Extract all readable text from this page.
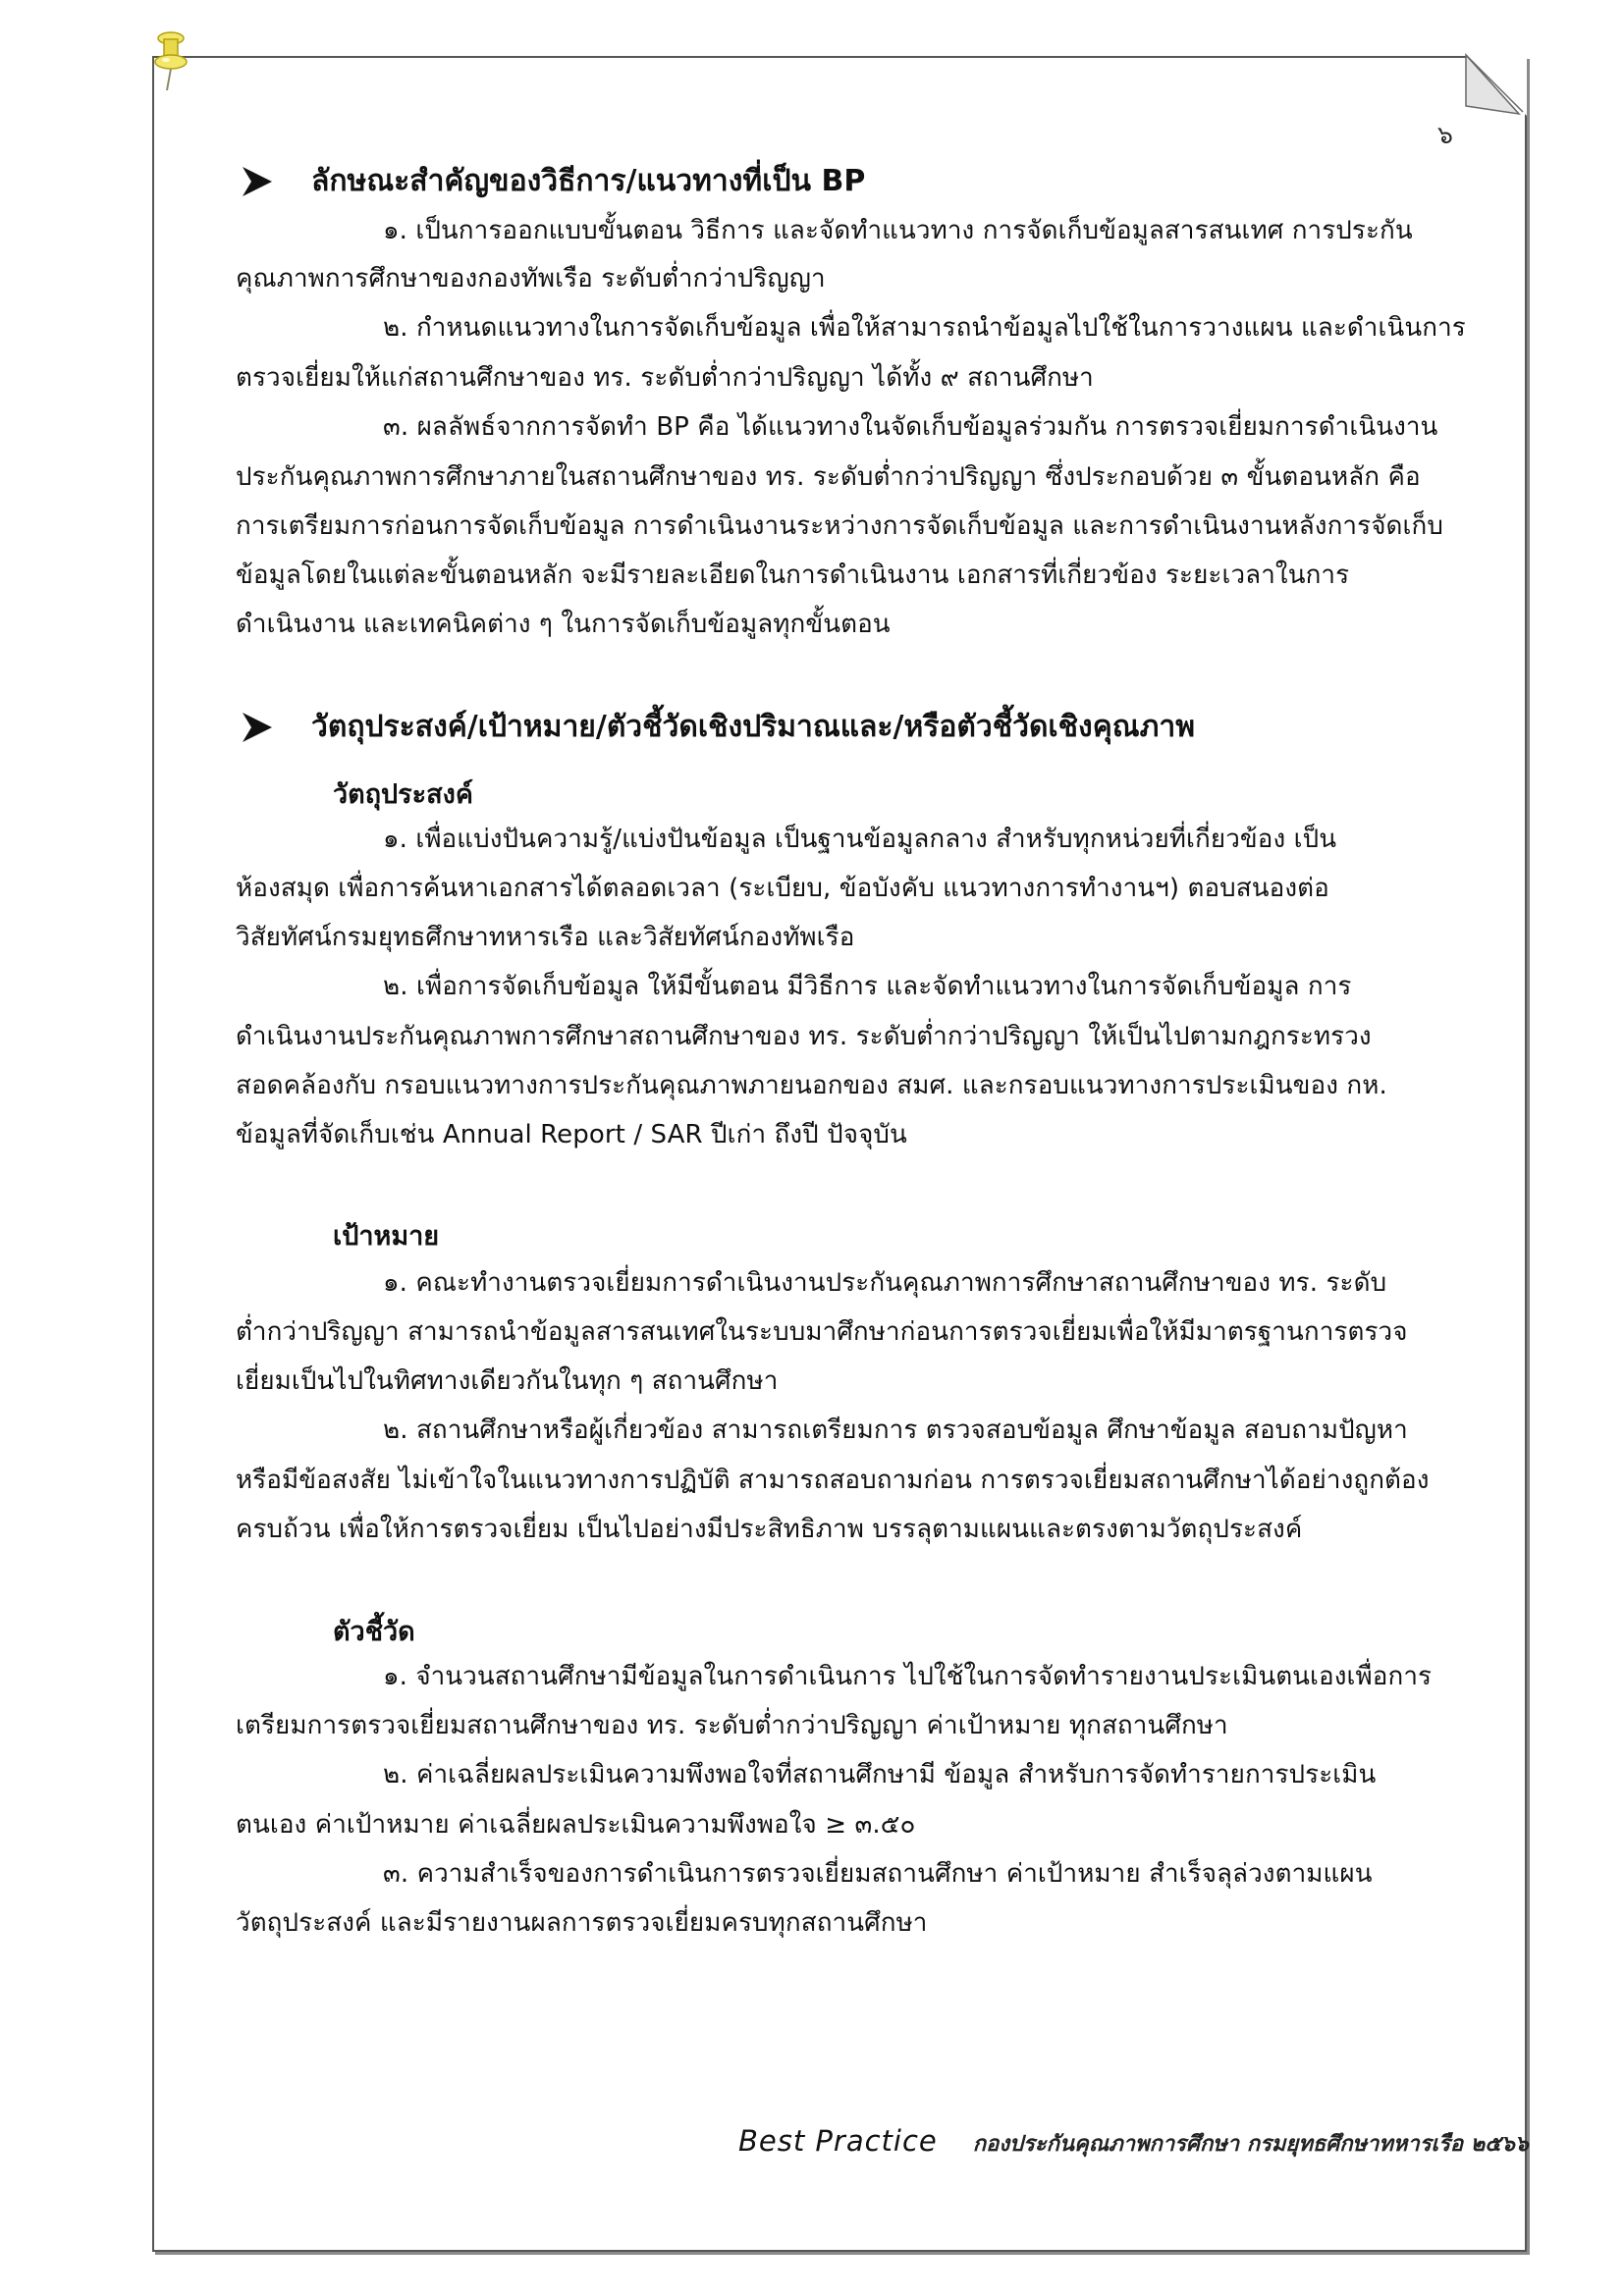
๖
ลักษณะสำคัญของวิธีการ/แนวทางที่เป็น BP
๑. เป็นการออกแบบขั้นตอน วิธีการ และจัดทำแนวทาง การจัดเก็บข้อมูลสารสนเทศ การประกัน
คุณภาพการศึกษาของกองทัพเรือ ระดับต่ำกว่าปริญญา
๒. กำหนดแนวทางในการจัดเก็บข้อมูล เพื่อให้สามารถนำข้อมูลไปใช้ในการวางแผน และดำเนินการ
ตรวจเยี่ยมให้แก่สถานศึกษาของ ทร. ระดับต่ำกว่าปริญญา ได้ทั้ง ๙ สถานศึกษา
๓. ผลลัพธ์จากการจัดทำ BP คือ ได้แนวทางในจัดเก็บข้อมูลร่วมกัน การตรวจเยี่ยมการดำเนินงาน
ประกันคุณภาพการศึกษาภายในสถานศึกษาของ ทร. ระดับต่ำกว่าปริญญา ซึ่งประกอบด้วย ๓ ขั้นตอนหลัก คือ
การเตรียมการก่อนการจัดเก็บข้อมูล การดำเนินงานระหว่างการจัดเก็บข้อมูล และการดำเนินงานหลังการจัดเก็บ
ข้อมูลโดยในแต่ละขั้นตอนหลัก จะมีรายละเอียดในการดำเนินงาน เอกสารที่เกี่ยวข้อง ระยะเวลาในการ
ดำเนินงาน และเทคนิคต่าง ๆ ในการจัดเก็บข้อมูลทุกขั้นตอน
วัตถุประสงค์/เป้าหมาย/ตัวชี้วัดเชิงปริมาณและ/หรือตัวชี้วัดเชิงคุณภาพ
วัตถุประสงค์
๑. เพื่อแบ่งปันความรู้/แบ่งปันข้อมูล เป็นฐานข้อมูลกลาง สำหรับทุกหน่วยที่เกี่ยวข้อง เป็น
ห้องสมุด เพื่อการค้นหาเอกสารได้ตลอดเวลา (ระเบียบ, ข้อบังคับ แนวทางการทำงานฯ) ตอบสนองต่อ
วิสัยทัศน์กรมยุทธศึกษาทหารเรือ และวิสัยทัศน์กองทัพเรือ
๒. เพื่อการจัดเก็บข้อมูล ให้มีขั้นตอน มีวิธีการ และจัดทำแนวทางในการจัดเก็บข้อมูล การ
ดำเนินงานประกันคุณภาพการศึกษาสถานศึกษาของ ทร. ระดับต่ำกว่าปริญญา ให้เป็นไปตามกฎกระทรวง
สอดคล้องกับ กรอบแนวทางการประกันคุณภาพภายนอกของ สมศ. และกรอบแนวทางการประเมินของ กห.
ข้อมูลที่จัดเก็บเช่น Annual Report / SAR ปีเก่า ถึงปี ปัจจุบัน
เป้าหมาย
๑. คณะทำงานตรวจเยี่ยมการดำเนินงานประกันคุณภาพการศึกษาสถานศึกษาของ ทร. ระดับ
ต่ำกว่าปริญญา สามารถนำข้อมูลสารสนเทศในระบบมาศึกษาก่อนการตรวจเยี่ยมเพื่อให้มีมาตรฐานการตรวจ
เยี่ยมเป็นไปในทิศทางเดียวกันในทุก ๆ สถานศึกษา
๒. สถานศึกษาหรือผู้เกี่ยวข้อง สามารถเตรียมการ ตรวจสอบข้อมูล ศึกษาข้อมูล สอบถามปัญหา
หรือมีข้อสงสัย ไม่เข้าใจในแนวทางการปฏิบัติ สามารถสอบถามก่อน การตรวจเยี่ยมสถานศึกษาได้อย่างถูกต้อง
ครบถ้วน เพื่อให้การตรวจเยี่ยม เป็นไปอย่างมีประสิทธิภาพ บรรลุตามแผนและตรงตามวัตถุประสงค์
ตัวชี้วัด
๑. จำนวนสถานศึกษามีข้อมูลในการดำเนินการ ไปใช้ในการจัดทำรายงานประเมินตนเองเพื่อการ
เตรียมการตรวจเยี่ยมสถานศึกษาของ ทร. ระดับต่ำกว่าปริญญา ค่าเป้าหมาย ทุกสถานศึกษา
๒. ค่าเฉลี่ยผลประเมินความพึงพอใจที่สถานศึกษามี ข้อมูล สำหรับการจัดทำรายการประเมิน
ตนเอง ค่าเป้าหมาย ค่าเฉลี่ยผลประเมินความพึงพอใจ ≥ ๓.๕๐
๓. ความสำเร็จของการดำเนินการตรวจเยี่ยมสถานศึกษา ค่าเป้าหมาย สำเร็จลุล่วงตามแผน
วัตถุประสงค์ และมีรายงานผลการตรวจเยี่ยมครบทุกสถานศึกษา
Best Practice กองประกันคุณภาพการศึกษา กรมยุทธศึกษาทหารเรือ ๒๕๖๖
